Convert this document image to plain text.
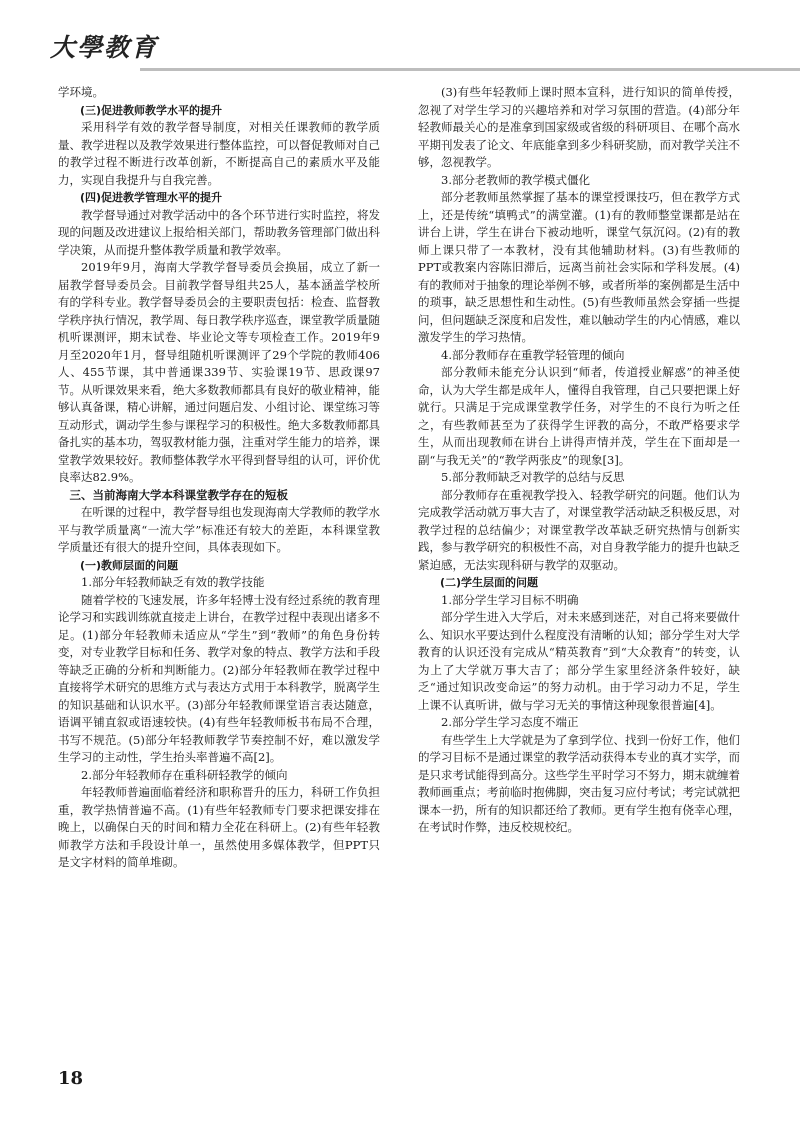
大學教育

学环境。

(三)促进教师教学水平的提升

采用科学有效的教学督导制度，对相关任课教师的教学质量、教学进程以及教学效果进行整体监控，可以督促教师对自己的教学过程不断进行改革创新，不断提高自己的素质水平及能力，实现自我提升与自我完善。

(四)促进教学管理水平的提升

教学督导通过对教学活动中的各个环节进行实时监控，将发现的问题及改进建议上报给相关部门，帮助教务管理部门做出科学决策，从而提升整体教学质量和教学效率。

2019年9月，海南大学教学督导委员会换届，成立了新一届教学督导委员会。目前教学督导组共25人，基本涵盖学校所有的学科专业。教学督导委员会的主要职责包括：检查、监督教学秩序执行情况，教学周、每日教学秩序巡查，课堂教学质量随机听课测评，期末试卷、毕业论文等专项检查工作。2019年9月至2020年1月，督导组随机听课测评了29个学院的教师406人、455节课，其中普通课339节、实验课19节、思政课97节。从听课效果来看，绝大多数教师都具有良好的敬业精神，能够认真备课，精心讲解，通过问题启发、小组讨论、课堂练习等互动形式，调动学生参与课程学习的积极性。绝大多数教师都具备扎实的基本功，驾驭教材能力强，注重对学生能力的培养，课堂教学效果较好。教师整体教学水平得到督导组的认可，评价优良率达82.9%。

三、当前海南大学本科课堂教学存在的短板

在听课的过程中，教学督导组也发现海南大学教师的教学水平与教学质量离“一流大学”标准还有较大的差距，本科课堂教学质量还有很大的提升空间，具体表现如下。

(一)教师层面的问题

1.部分年轻教师缺乏有效的教学技能

随着学校的飞速发展，许多年轻博士没有经过系统的教育理论学习和实践训练就直接走上讲台，在教学过程中表现出诸多不足。(1)部分年轻教师未适应从“学生”到“教师”的角色身份转变，对专业教学目标和任务、教学对象的特点、教学方法和手段等缺乏正确的分析和判断能力。(2)部分年轻教师在教学过程中直接将学术研究的思维方式与表达方式用于本科教学，脱离学生的知识基础和认识水平。(3)部分年轻教师课堂语言表达随意，语调平铺直叙或语速较快。(4)有些年轻教师板书布局不合理，书写不规范。(5)部分年轻教师教学节奏控制不好，难以激发学生学习的主动性，学生抬头率普遍不高[2]。

2.部分年轻教师存在重科研轻教学的倾向

年轻教师普遍面临着经济和职称晋升的压力，科研工作负担重，教学热情普遍不高。(1)有些年轻教师专门要求把课安排在晚上，以确保白天的时间和精力全花在科研上。(2)有些年轻教师教学方法和手段设计单一，虽然使用多媒体教学，但PPT只是文字材料的简单堆砌。

(3)有些年轻教师上课时照本宣科，进行知识的简单传授，忽视了对学生学习的兴趣培养和对学习氛围的营造。(4)部分年轻教师最关心的是准拿到国家级或省级的科研项目、在哪个高水平期刊发表了论文、年底能拿到多少科研奖励，而对教学关注不够，忽视教学。

3.部分老教师的教学模式僵化

部分老教师虽然掌握了基本的课堂授课技巧，但在教学方式上，还是传统“填鸭式”的满堂灌。(1)有的教师整堂课都是站在讲台上讲，学生在讲台下被动地听，课堂气氛沉闷。(2)有的教师上课只带了一本教材，没有其他辅助材料。(3)有些教师的PPT或教案内容陈旧滞后，远离当前社会实际和学科发展。(4)有的教师对于抽象的理论举例不够，或者所举的案例都是生活中的琐事，缺乏思想性和生动性。(5)有些教师虽然会穿插一些提问，但问题缺乏深度和启发性，难以触动学生的内心情感，难以激发学生的学习热情。

4.部分教师存在重教学轻管理的倾向

部分教师未能充分认识到“师者，传道授业解惑”的神圣使命，认为大学生都是成年人，懂得自我管理，自己只要把课上好就行。只满足于完成课堂教学任务，对学生的不良行为听之任之，有些教师甚至为了获得学生评教的高分，不敢严格要求学生，从而出现教师在讲台上讲得声情并茂，学生在下面却是一副“与我无关”的“教学两张皮”的现象[3]。

5.部分教师缺乏对教学的总结与反思

部分教师存在重视教学投入、轻教学研究的问题。他们认为完成教学活动就万事大吉了，对课堂教学活动缺乏积极反思，对教学过程的总结偏少；对课堂教学改革缺乏研究热情与创新实践，参与教学研究的积极性不高，对自身教学能力的提升也缺乏紧迫感，无法实现科研与教学的双驱动。

(二)学生层面的问题

1.部分学生学习目标不明确

部分学生进入大学后，对未来感到迷茫，对自己将来要做什么、知识水平要达到什么程度没有清晰的认知；部分学生对大学教育的认识还没有完成从“精英教育”到“大众教育”的转变，认为上了大学就万事大吉了；部分学生家里经济条件较好，缺乏“通过知识改变命运”的努力动机。由于学习动力不足，学生上课不认真听讲，做与学习无关的事情这种现象很普遍[4]。

2.部分学生学习态度不端正

有些学生上大学就是为了拿到学位、找到一份好工作，他们的学习目标不是通过课堂的教学活动获得本专业的真才实学，而是只求考试能得到高分。这些学生平时学习不努力，期末就缠着教师画重点；考前临时抱佛脚，突击复习应付考试；考完试就把课本一扔，所有的知识都还给了教师。更有学生抱有侥幸心理，在考试时作弊，违反校规校纪。

18
